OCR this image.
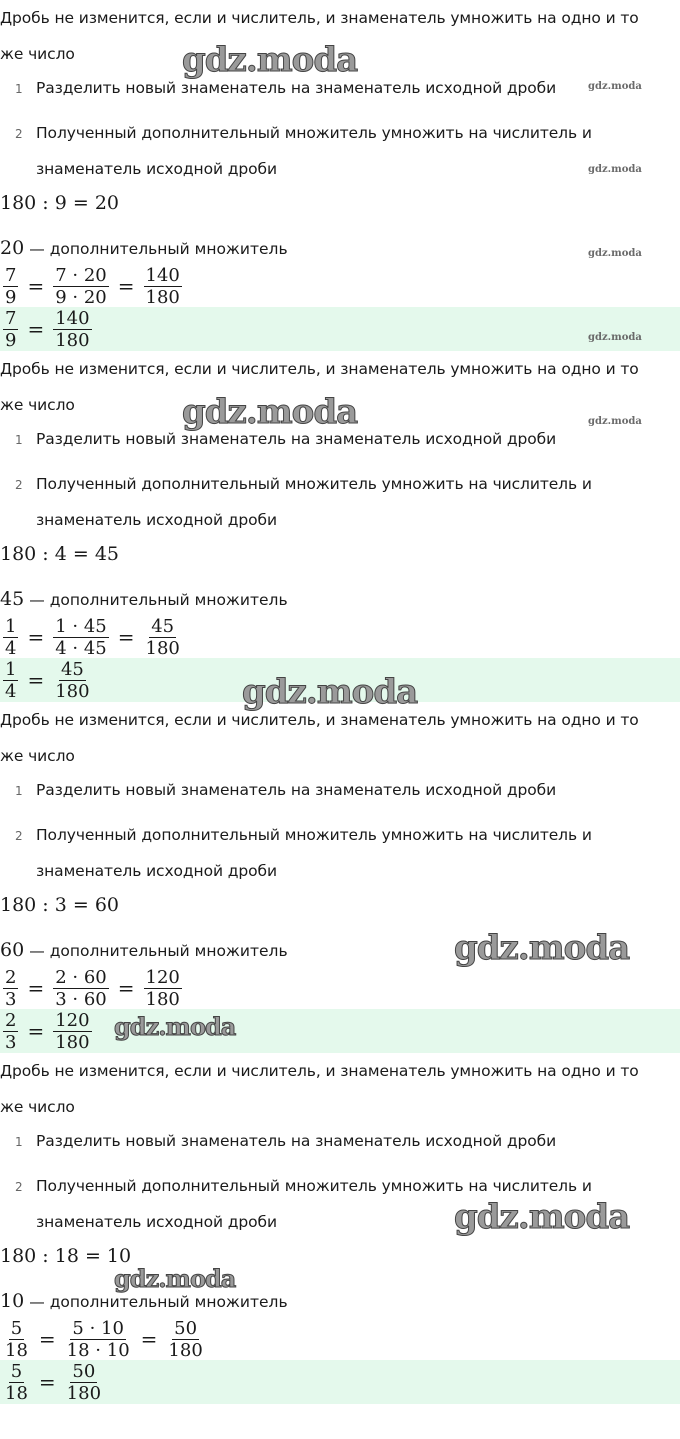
Дробь не изменится, если и числитель, и знаменатель умножить на одно и то
же число
1 Разделить новый знаменатель на знаменатель исходной дроби
2 Полученный дополнительный множитель умножить на числитель и
знаменатель исходной дроби
180 : 9 = 20
20 — дополнительный множитель
$\frac{7}{9} = \frac{7 \cdot 20}{9 \cdot 20} = \frac{140}{180}$
$\frac{7}{9} = \frac{140}{180}$
Дробь не изменится, если и числитель, и знаменатель умножить на одно и то
же число
1 Разделить новый знаменатель на знаменатель исходной дроби
2 Полученный дополнительный множитель умножить на числитель и
знаменатель исходной дроби
180 : 4 = 45
45 — дополнительный множитель
$\frac{1}{4} = \frac{1 \cdot 45}{4 \cdot 45} = \frac{45}{180}$
$\frac{1}{4} = \frac{45}{180}$
Дробь не изменится, если и числитель, и знаменатель умножить на одно и то
же число
1 Разделить новый знаменатель на знаменатель исходной дроби
2 Полученный дополнительный множитель умножить на числитель и
знаменатель исходной дроби
180 : 3 = 60
60 — дополнительный множитель
$\frac{2}{3} = \frac{2 \cdot 60}{3 \cdot 60} = \frac{120}{180}$
$\frac{2}{3} = \frac{120}{180}$
Дробь не изменится, если и числитель, и знаменатель умножить на одно и то
же число
1 Разделить новый знаменатель на знаменатель исходной дроби
2 Полученный дополнительный множитель умножить на числитель и
знаменатель исходной дроби
180 : 18 = 10
10 — дополнительный множитель
$\frac{5}{18} = \frac{5 \cdot 10}{18 \cdot 10} = \frac{50}{180}$
$\frac{5}{18} = \frac{50}{180}$
gdz.moda
gdz.moda
gdz.moda
gdz.moda
gdz.moda
gdz.moda	gdz.moda
gdz.moda
gdz.moda
gdz.moda
gdz.moda
gdz.moda
